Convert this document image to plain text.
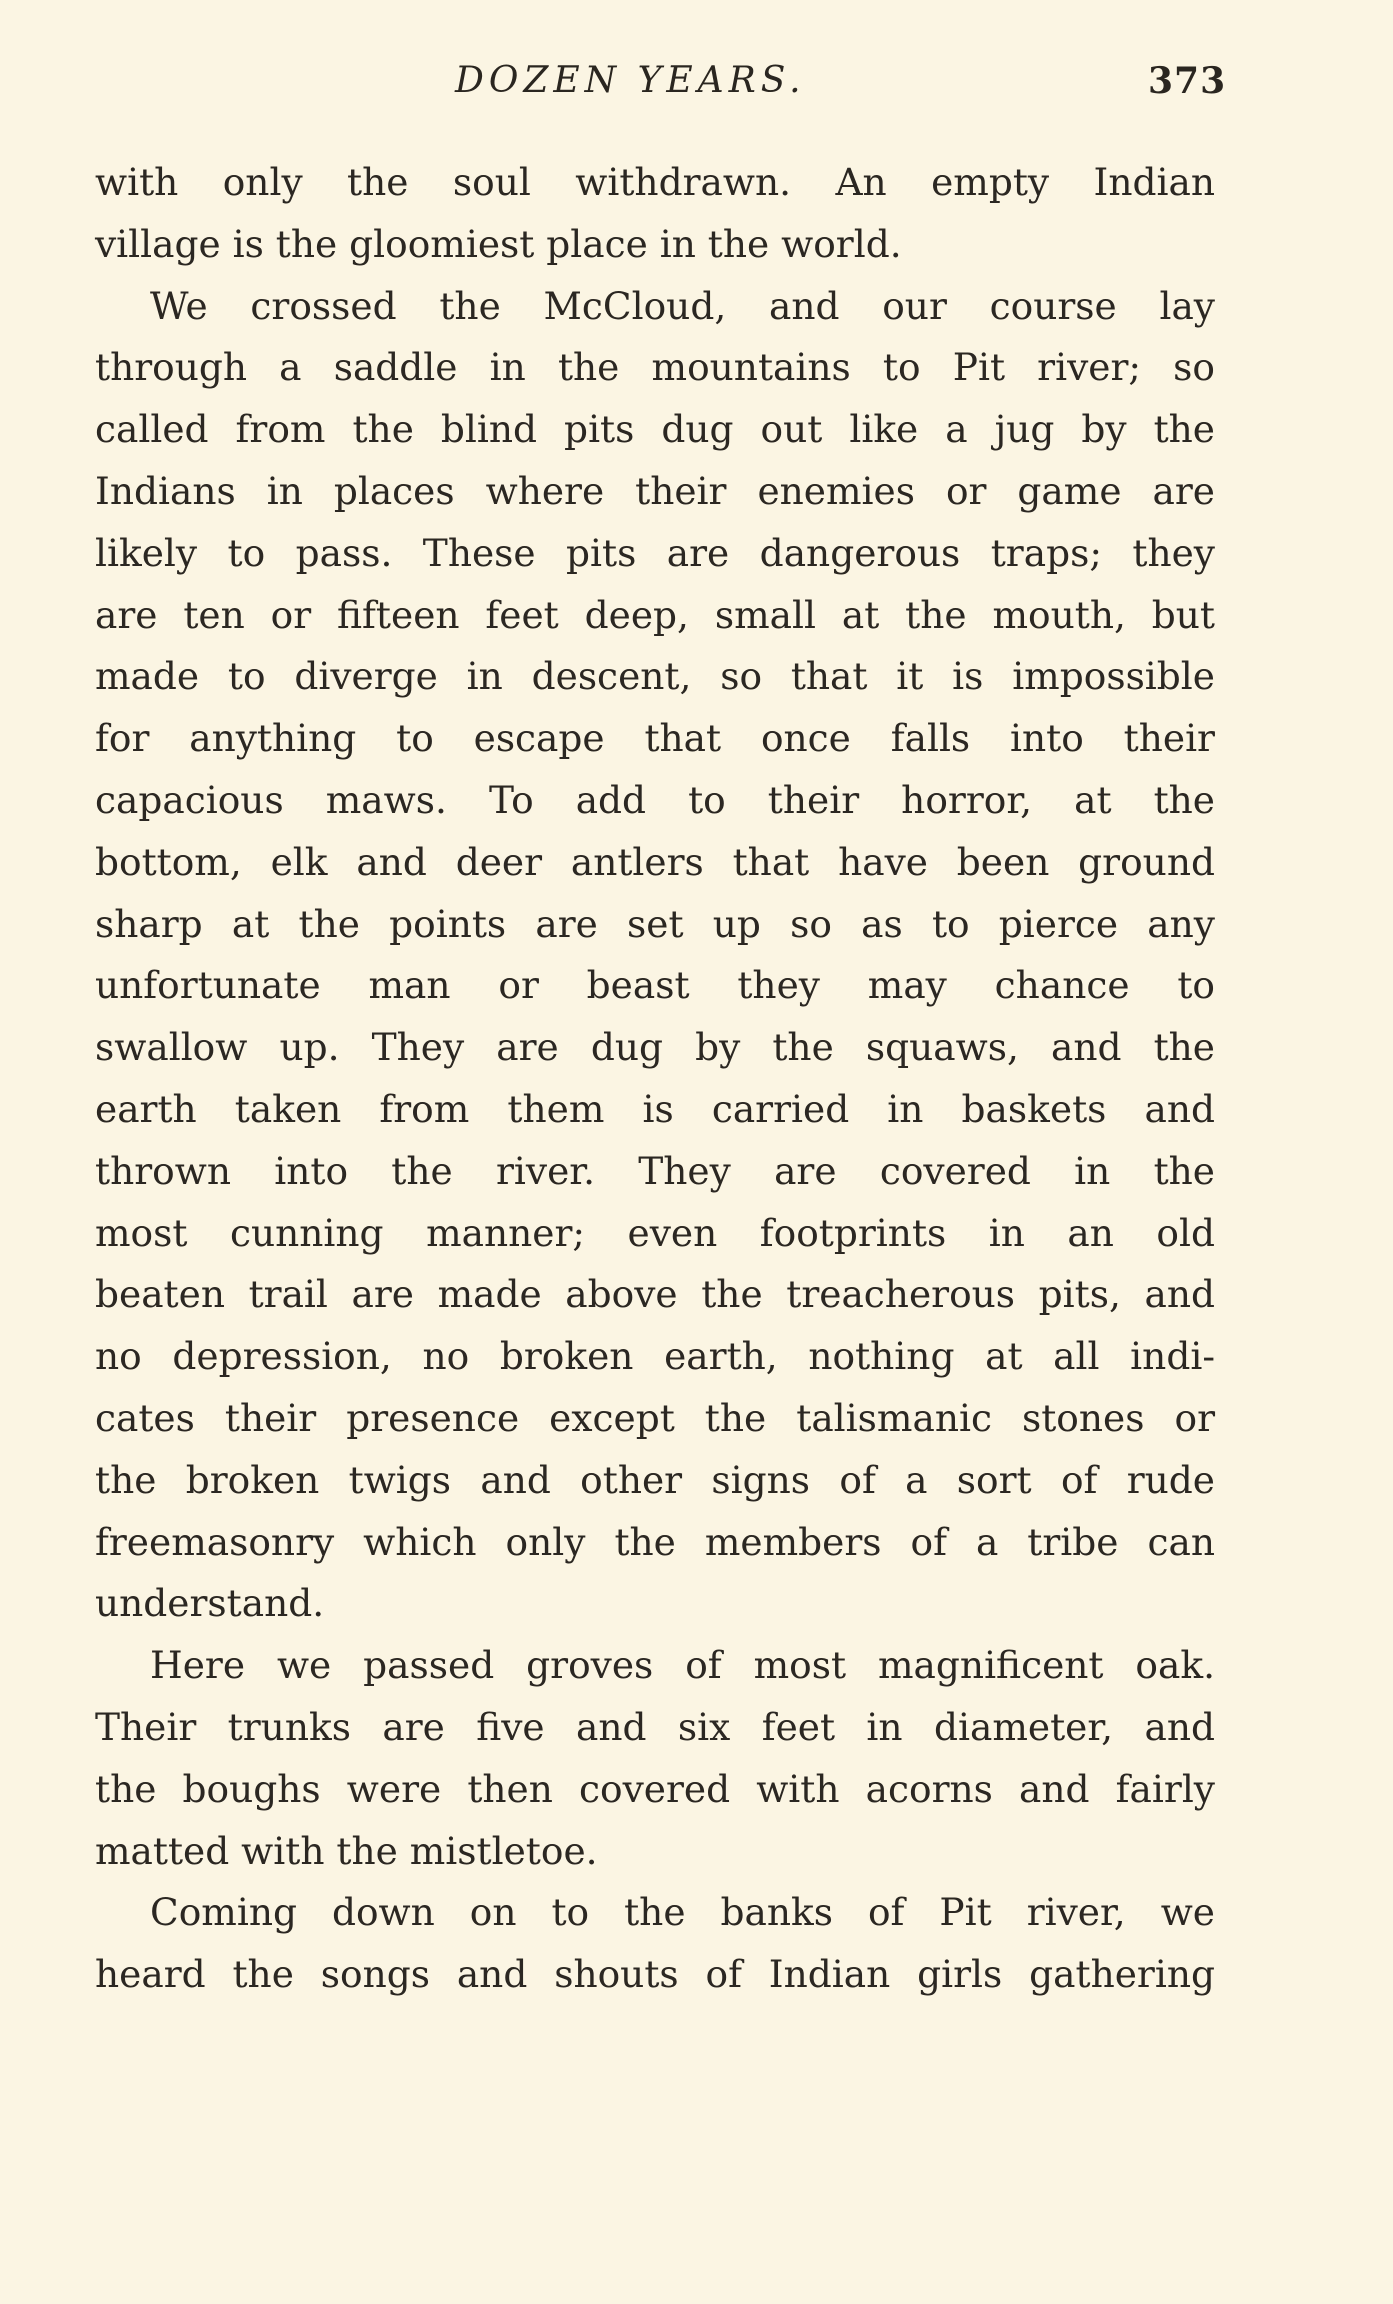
DOZEN YEARS.	373
with only the soul withdrawn. An empty Indian
village is the gloomiest place in the world.
We crossed the McCloud, and our course lay
through a saddle in the mountains to Pit river; so
called from the blind pits dug out like a jug by the
Indians in places where their enemies or game are
likely to pass. These pits are dangerous traps; they
are ten or fifteen feet deep, small at the mouth, but
made to diverge in descent, so that it is impossible
for anything to escape that once falls into their
capacious maws. To add to their horror, at the
bottom, elk and deer antlers that have been ground
sharp at the points are set up so as to pierce any
unfortunate man or beast they may chance to
swallow up. They are dug by the squaws, and the
earth taken from them is carried in baskets and
thrown into the river. They are covered in the
most cunning manner; even footprints in an old
beaten trail are made above the treacherous pits, and
no depression, no broken earth, nothing at all indi-
cates their presence except the talismanic stones or
the broken twigs and other signs of a sort of rude
freemasonry which only the members of a tribe can
understand.
Here we passed groves of most magnificent oak.
Their trunks are five and six feet in diameter, and
the boughs were then covered with acorns and fairly
matted with the mistletoe.
Coming down on to the banks of Pit river, we
heard the songs and shouts of Indian girls gathering
